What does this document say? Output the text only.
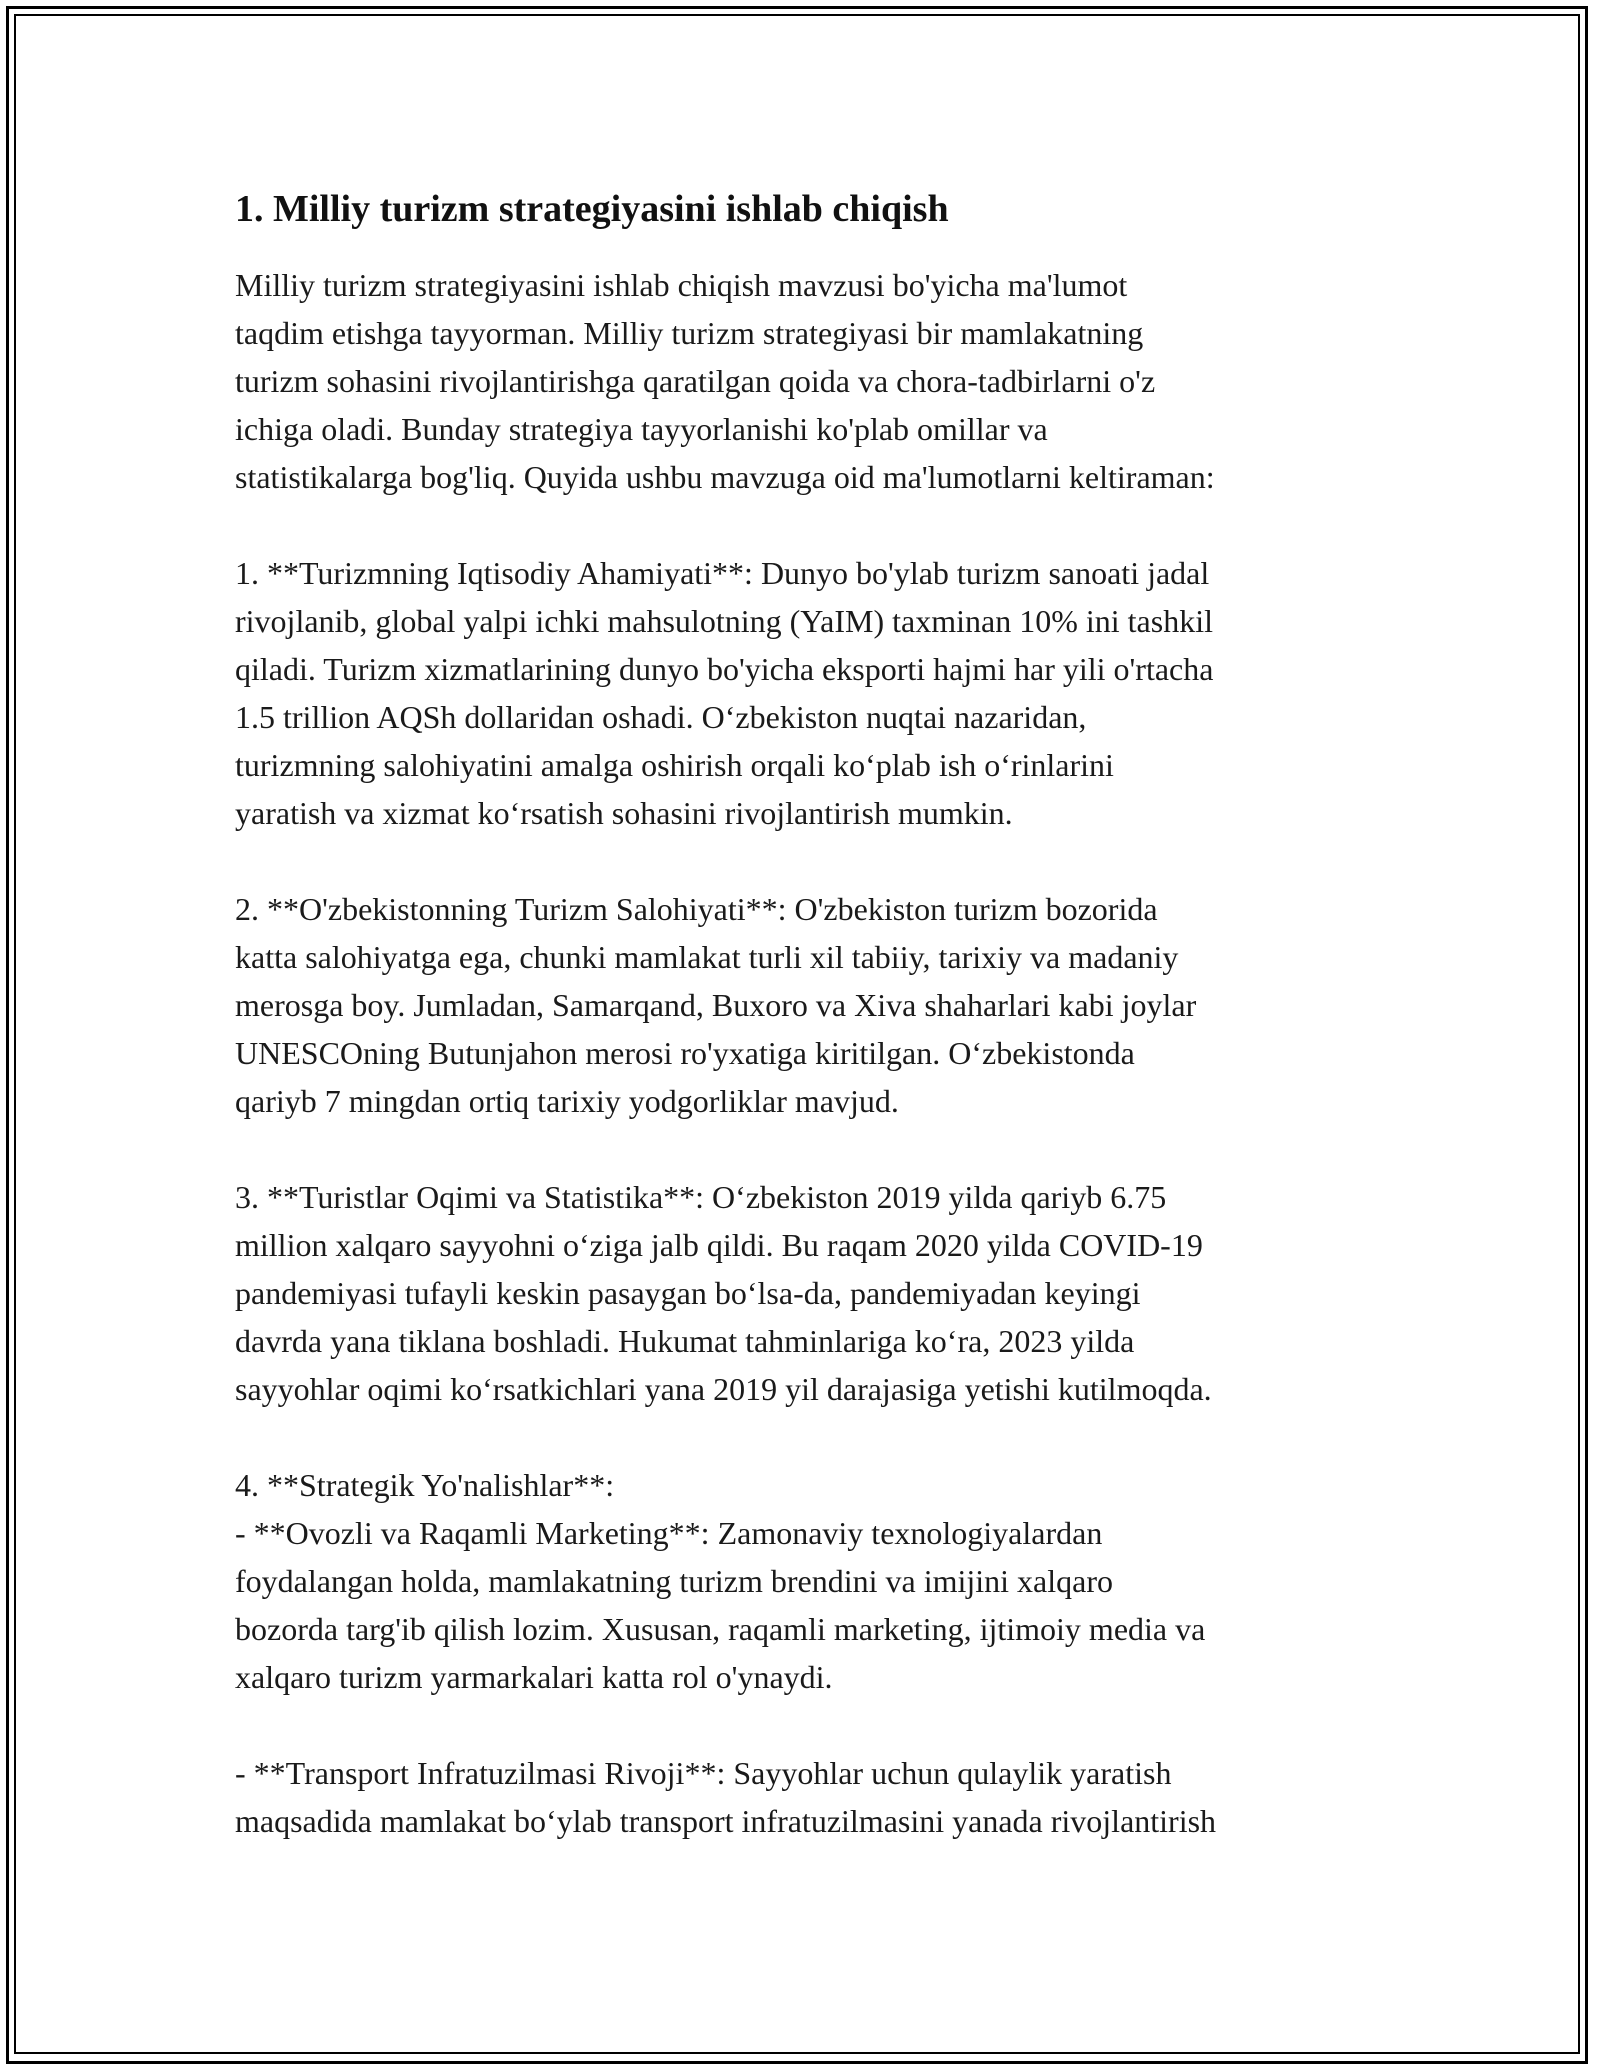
1. Milliy turizm strategiyasini ishlab chiqish

Milliy turizm strategiyasini ishlab chiqish mavzusi bo'yicha ma'lumot
taqdim etishga tayyorman. Milliy turizm strategiyasi bir mamlakatning
turizm sohasini rivojlantirishga qaratilgan qoida va chora-tadbirlarni o'z
ichiga oladi. Bunday strategiya tayyorlanishi ko'plab omillar va
statistikalarga bog'liq. Quyida ushbu mavzuga oid ma'lumotlarni keltiraman:

1. **Turizmning Iqtisodiy Ahamiyati**: Dunyo bo'ylab turizm sanoati jadal
rivojlanib, global yalpi ichki mahsulotning (YaIM) taxminan 10% ini tashkil
qiladi. Turizm xizmatlarining dunyo bo'yicha eksporti hajmi har yili o'rtacha
1.5 trillion AQSh dollaridan oshadi. Oʻzbekiston nuqtai nazaridan,
turizmning salohiyatini amalga oshirish orqali koʻplab ish oʻrinlarini
yaratish va xizmat koʻrsatish sohasini rivojlantirish mumkin.

2. **O'zbekistonning Turizm Salohiyati**: O'zbekiston turizm bozorida
katta salohiyatga ega, chunki mamlakat turli xil tabiiy, tarixiy va madaniy
merosga boy. Jumladan, Samarqand, Buxoro va Xiva shaharlari kabi joylar
UNESCOning Butunjahon merosi ro'yxatiga kiritilgan. Oʻzbekistonda
qariyb 7 mingdan ortiq tarixiy yodgorliklar mavjud.

3. **Turistlar Oqimi va Statistika**: Oʻzbekiston 2019 yilda qariyb 6.75
million xalqaro sayyohni oʻziga jalb qildi. Bu raqam 2020 yilda COVID-19
pandemiyasi tufayli keskin pasaygan boʻlsa-da, pandemiyadan keyingi
davrda yana tiklana boshladi. Hukumat tahminlariga koʻra, 2023 yilda
sayyohlar oqimi koʻrsatkichlari yana 2019 yil darajasiga yetishi kutilmoqda.

4. **Strategik Yo'nalishlar**:
- **Ovozli va Raqamli Marketing**: Zamonaviy texnologiyalardan
foydalangan holda, mamlakatning turizm brendini va imijini xalqaro
bozorda targ'ib qilish lozim. Xususan, raqamli marketing, ijtimoiy media va
xalqaro turizm yarmarkalari katta rol o'ynaydi.

- **Transport Infratuzilmasi Rivoji**: Sayyohlar uchun qulaylik yaratish
maqsadida mamlakat boʻylab transport infratuzilmasini yanada rivojlantirish
